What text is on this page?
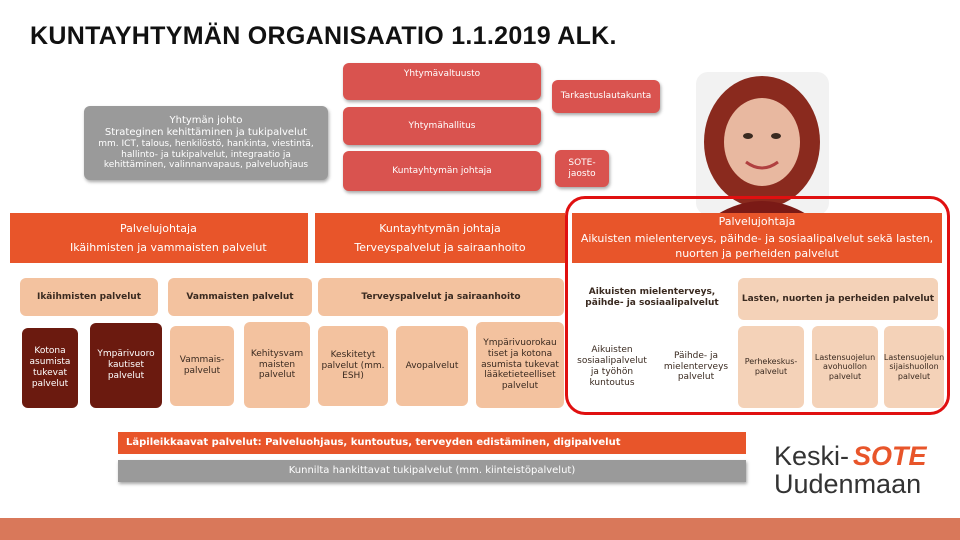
KUNTAYHTYMÄN ORGANISAATIO 1.1.2019 ALK.
Yhtymävaltuusto
Tarkastuslautakunta
Yhtymähallitus
Kuntayhtymän johtaja
SOTE-jaosto
Yhtymän johto
Strateginen kehittäminen ja tukipalvelut
mm. ICT, talous, henkilöstö, hankinta, viestintä, hallinto- ja tukipalvelut, integraatio ja kehittäminen, valinnanvapaus, palveluohjaus
Palvelujohtaja
Ikäihmisten ja vammaisten palvelut
Kuntayhtymän johtaja
Terveyspalvelut ja sairaanhoito
Palvelujohtaja
Aikuisten mielenterveys, päihde- ja sosiaalipalvelut sekä lasten, nuorten ja perheiden palvelut
Ikäihmisten palvelut	Vammaisten palvelut	Terveyspalvelut ja sairaanhoito	Aikuisten mielenterveys, päihde- ja sosiaalipalvelut	Lasten, nuorten ja perheiden palvelut
Kotona asumista tukevat palvelut
Ympärivuoro kautiset palvelut
Vammais-palvelut
Kehitysvam maisten palvelut
Keskitetyt palvelut (mm. ESH)
Avopalvelut
Ympärivuorokau tiset ja kotona asumista tukevat lääketieteelliset palvelut
Aikuisten sosiaalipalvelut ja työhön kuntoutus
Päihde- ja mielenterveys palvelut
Perhekeskus-palvelut
Lastensuojelun avohuollon palvelut
Lastensuojelun sijaishuollon palvelut
Läpileikkaavat palvelut: Palveluohjaus, kuntoutus, terveyden edistäminen, digipalvelut
Kunnilta hankittavat tukipalvelut (mm. kiinteistöpalvelut)	Keski- SOTE
Uudenmaan
